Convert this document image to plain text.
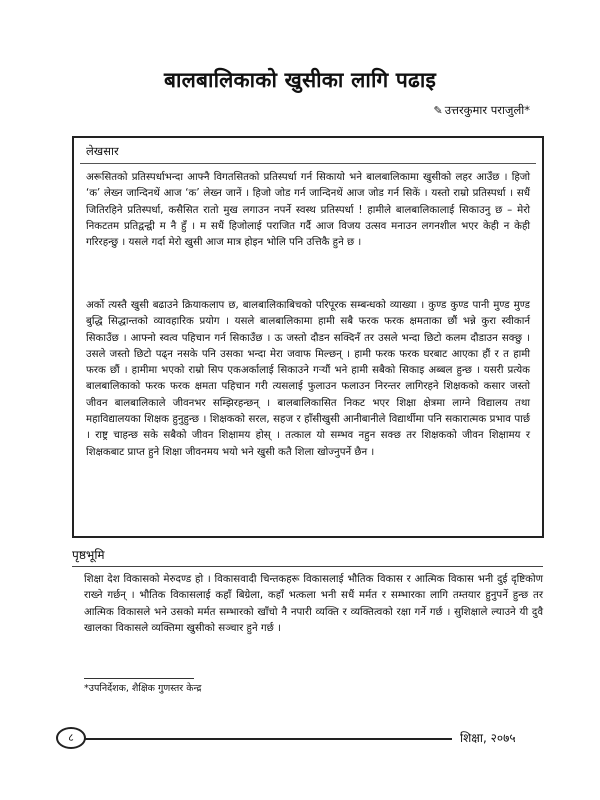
बालबालिकाको खुसीका लागि पढाइ
✎ उत्तरकुमार पराजुली*
लेखसार

अरूसितको प्रतिस्पर्धाभन्दा आफ्नै विगतसितको प्रतिस्पर्धा गर्न सिकायो भने बालबालिकामा खुसीको लहर आउँछ । हिजो ‘क’ लेख्न जान्दिनथें आज ‘क’ लेख्न जानें । हिजो जोड गर्न जान्दिनथें आज जोड गर्न सिकें । यस्तो राम्रो प्रतिस्पर्धा । सधैं जितिरहिने प्रतिस्पर्धा, कसैसित रातो मुख लगाउन नपर्ने स्वस्थ प्रतिस्पर्धा ! हामीले बालबालिकालाई सिकाउनु छ – मेरो निकटतम प्रतिद्वन्द्वी म नै हुँ । म सधैं हिजोलाई पराजित गर्दै आज विजय उत्सव मनाउन लगनशील भएर केही न केही गरिरहन्छु । यसले गर्दा मेरो खुसी आज मात्र होइन भोलि पनि उत्तिकै हुने छ ।

अर्को त्यस्तै खुसी बढाउने क्रियाकलाप छ, बालबालिकाबिचको परिपूरक सम्बन्धको व्याख्या । कुण्ड कुण्ड पानी मुण्ड मुण्ड बुद्धि सिद्धान्तको व्यावहारिक प्रयोग । यसले बालबालिकामा हामी सबै फरक फरक क्षमताका छौं भन्ने कुरा स्वीकार्न सिकाउँछ । आफ्नो स्वत्व पहिचान गर्न सिकाउँछ । ऊ जस्तो दौडन सक्दिनँ तर उसले भन्दा छिटो कलम दौडाउन सक्छु । उसले जस्तो छिटो पढ्न नसके पनि उसका भन्दा मेरा जवाफ मिल्छन् । हामी फरक फरक घरबाट आएका हौं र त हामी फरक छौं । हामीमा भएको राम्रो सिप एकअर्कालाई सिकाउने गऱ्यौं भने हामी सबैको सिकाइ अब्बल हुन्छ । यसरी प्रत्येक बालबालिकाको फरक फरक क्षमता पहिचान गरी त्यसलाई फुलाउन फलाउन निरन्तर लागिरहने शिक्षकको कसार जस्तो जीवन बालबालिकाले जीवनभर सम्झिरहन्छन् । बालबालिकासित निकट भएर शिक्षा क्षेत्रमा लाग्ने विद्यालय तथा महाविद्यालयका शिक्षक हुनुहुन्छ । शिक्षकको सरल, सहज र हाँसीखुसी आनीबानीले विद्यार्थीमा पनि सकारात्मक प्रभाव पार्छ । राष्ट्र चाहन्छ सके सबैको जीवन शिक्षामय होस् । तत्काल यो सम्भव नहुन सक्छ तर शिक्षकको जीवन शिक्षामय र शिक्षकबाट प्राप्त हुने शिक्षा जीवनमय भयो भने खुसी कतै शिला खोज्नुपर्ने छैन ।

पृष्ठभूमि

शिक्षा देश विकासको मेरुदण्ड हो । विकासवादी चिन्तकहरू विकासलाई भौतिक विकास र आत्मिक विकास भनी दुई दृष्टिकोण राख्ने गर्छन् । भौतिक विकासलाई कहाँ बिग्रेला, कहाँ भत्कला भनी सधैं मर्मत र सम्भारका लागि तम्तयार हुनुपर्ने हुन्छ तर आत्मिक विकासले भने उसको मर्मत सम्भारको खाँचो नै नपारी व्यक्ति र व्यक्तित्वको रक्षा गर्ने गर्छ । सुशिक्षाले ल्याउने यी दुवै खालका विकासले व्यक्तिमा खुसीको सञ्चार हुने गर्छ ।

*उपनिर्देशक, शैक्षिक गुणस्तर केन्द्र
८	शिक्षा, २०७५
